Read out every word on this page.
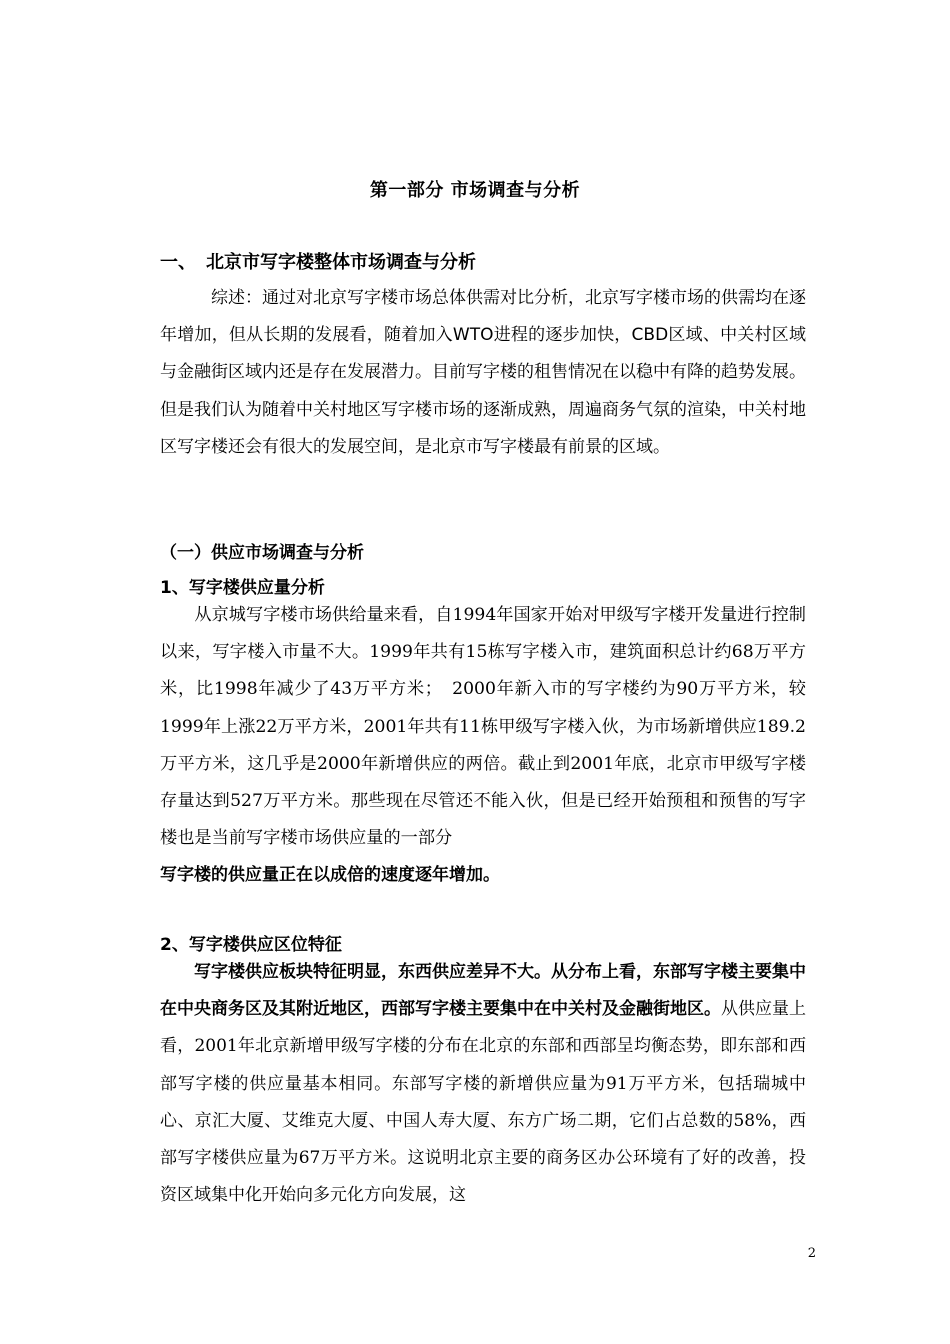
第一部分 市场调查与分析
一、 北京市写字楼整体市场调查与分析

综述：通过对北京写字楼市场总体供需对比分析，北京写字楼市场的供需均在逐年增加，但从长期的发展看，随着加入WTO进程的逐步加快，CBD区域、中关村区域与金融街区域内还是存在发展潜力。目前写字楼的租售情况在以稳中有降的趋势发展。但是我们认为随着中关村地区写字楼市场的逐渐成熟，周遍商务气氛的渲染，中关村地区写字楼还会有很大的发展空间，是北京市写字楼最有前景的区域。

（一）供应市场调查与分析
1、写字楼供应量分析

从京城写字楼市场供给量来看，自1994年国家开始对甲级写字楼开发量进行控制以来，写字楼入市量不大。1999年共有15栋写字楼入市，建筑面积总计约68万平方米，比1998年减少了43万平方米；　2000年新入市的写字楼约为90万平方米，较1999年上涨22万平方米，2001年共有11栋甲级写字楼入伙，为市场新增供应189.2万平方米，这几乎是2000年新增供应的两倍。截止到2001年底，北京市甲级写字楼存量达到527万平方米。那些现在尽管还不能入伙，但是已经开始预租和预售的写字楼也是当前写字楼市场供应量的一部分

写字楼的供应量正在以成倍的速度逐年增加。

2、写字楼供应区位特征

写字楼供应板块特征明显，东西供应差异不大。从分布上看，东部写字楼主要集中在中央商务区及其附近地区，西部写字楼主要集中在中关村及金融街地区。从供应量上看，2001年北京新增甲级写字楼的分布在北京的东部和西部呈均衡态势，即东部和西部写字楼的供应量基本相同。东部写字楼的新增供应量为91万平方米，包括瑞城中心、京汇大厦、艾维克大厦、中国人寿大厦、东方广场二期，它们占总数的58%，西部写字楼供应量为67万平方米。这说明北京主要的商务区办公环境有了好的改善，投资区域集中化开始向多元化方向发展，这

2
